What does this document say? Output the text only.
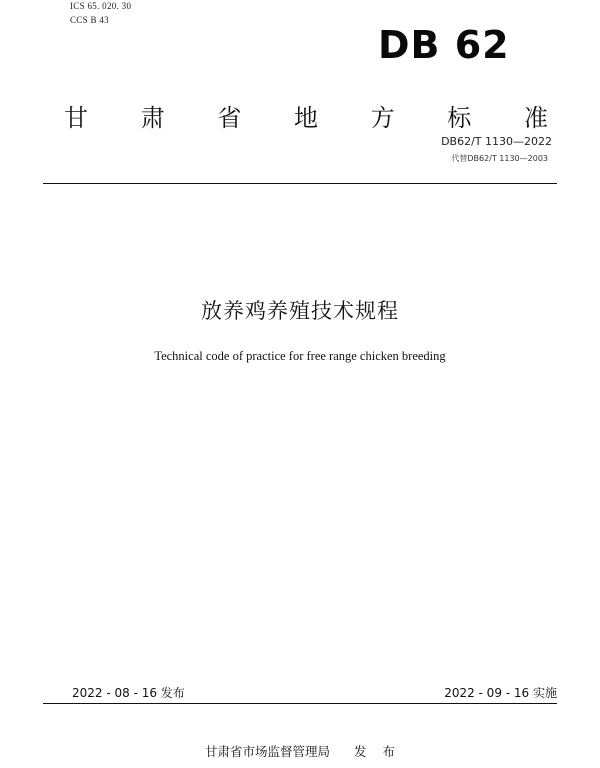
ICS 65. 020. 30
CCS B 43
DB 62
甘 肃 省 地 方 标 准
DB62/T 1130—2022
代替DB62/T 1130—2003
放养鸡养殖技术规程
Technical code of practice for free range chicken breeding
2022 - 08 - 16 发布	2022 - 09 - 16 实施
甘肃省市场监督管理局 发 布
